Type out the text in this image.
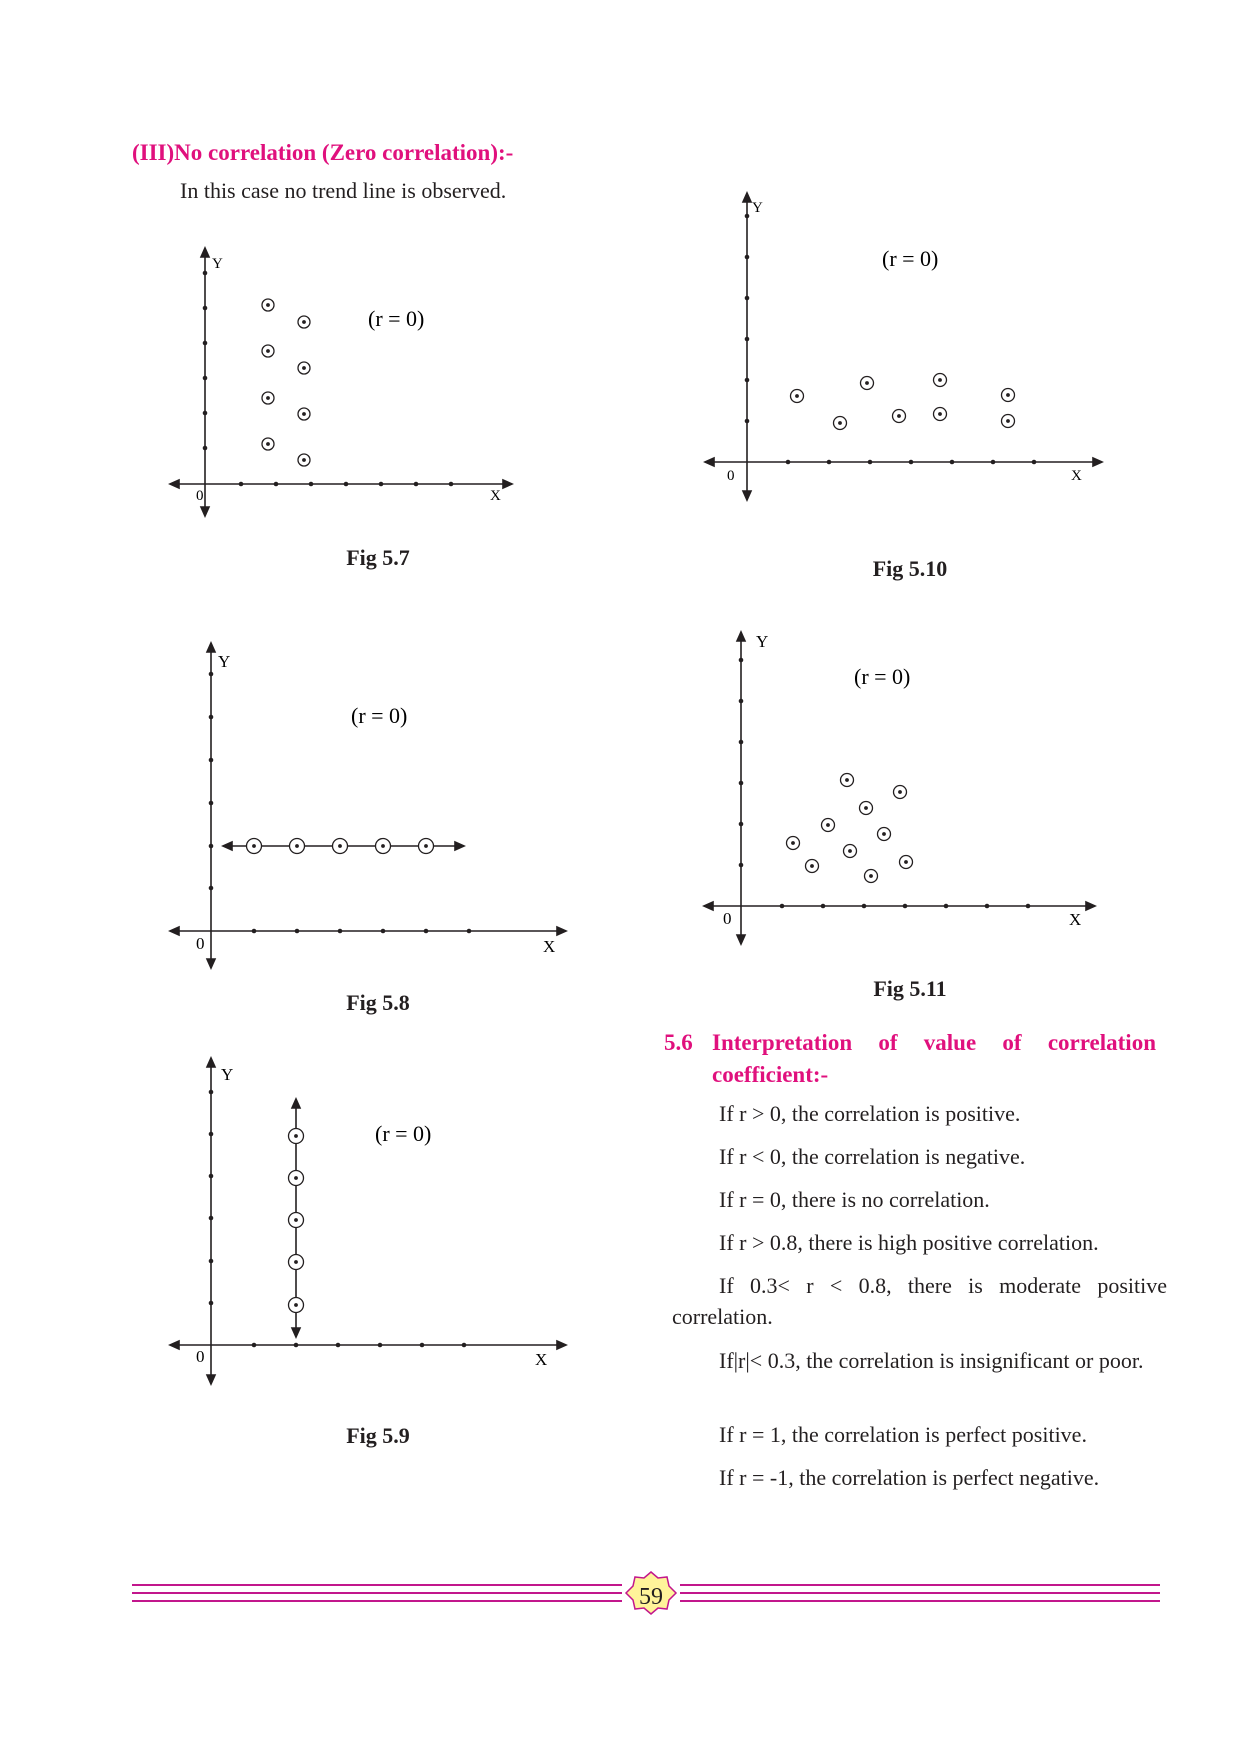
(III)No correlation (Zero correlation):-
In this case no trend line is observed.
0	X
Y
(r = 0)
Fig 5.7
0	X
Y
(r = 0)
Fig 5.10
0	X
Y
(r = 0)
Fig 5.8
0	X
Y
(r = 0)
Fig 5.11
0	X
Y
(r = 0)
Fig 5.9
5.6 Interpretation of value of correlation
coefficient:-
If r > 0, the correlation is positive.
If r < 0, the correlation is negative.
If r = 0, there is no correlation.
If r > 0.8, there is high positive correlation.
If 0.3< r < 0.8, there is moderate positive correlation.
If|r|< 0.3, the correlation is insignificant or poor.
If r = 1, the correlation is perfect positive.
If r = -1, the correlation is perfect negative.
59
